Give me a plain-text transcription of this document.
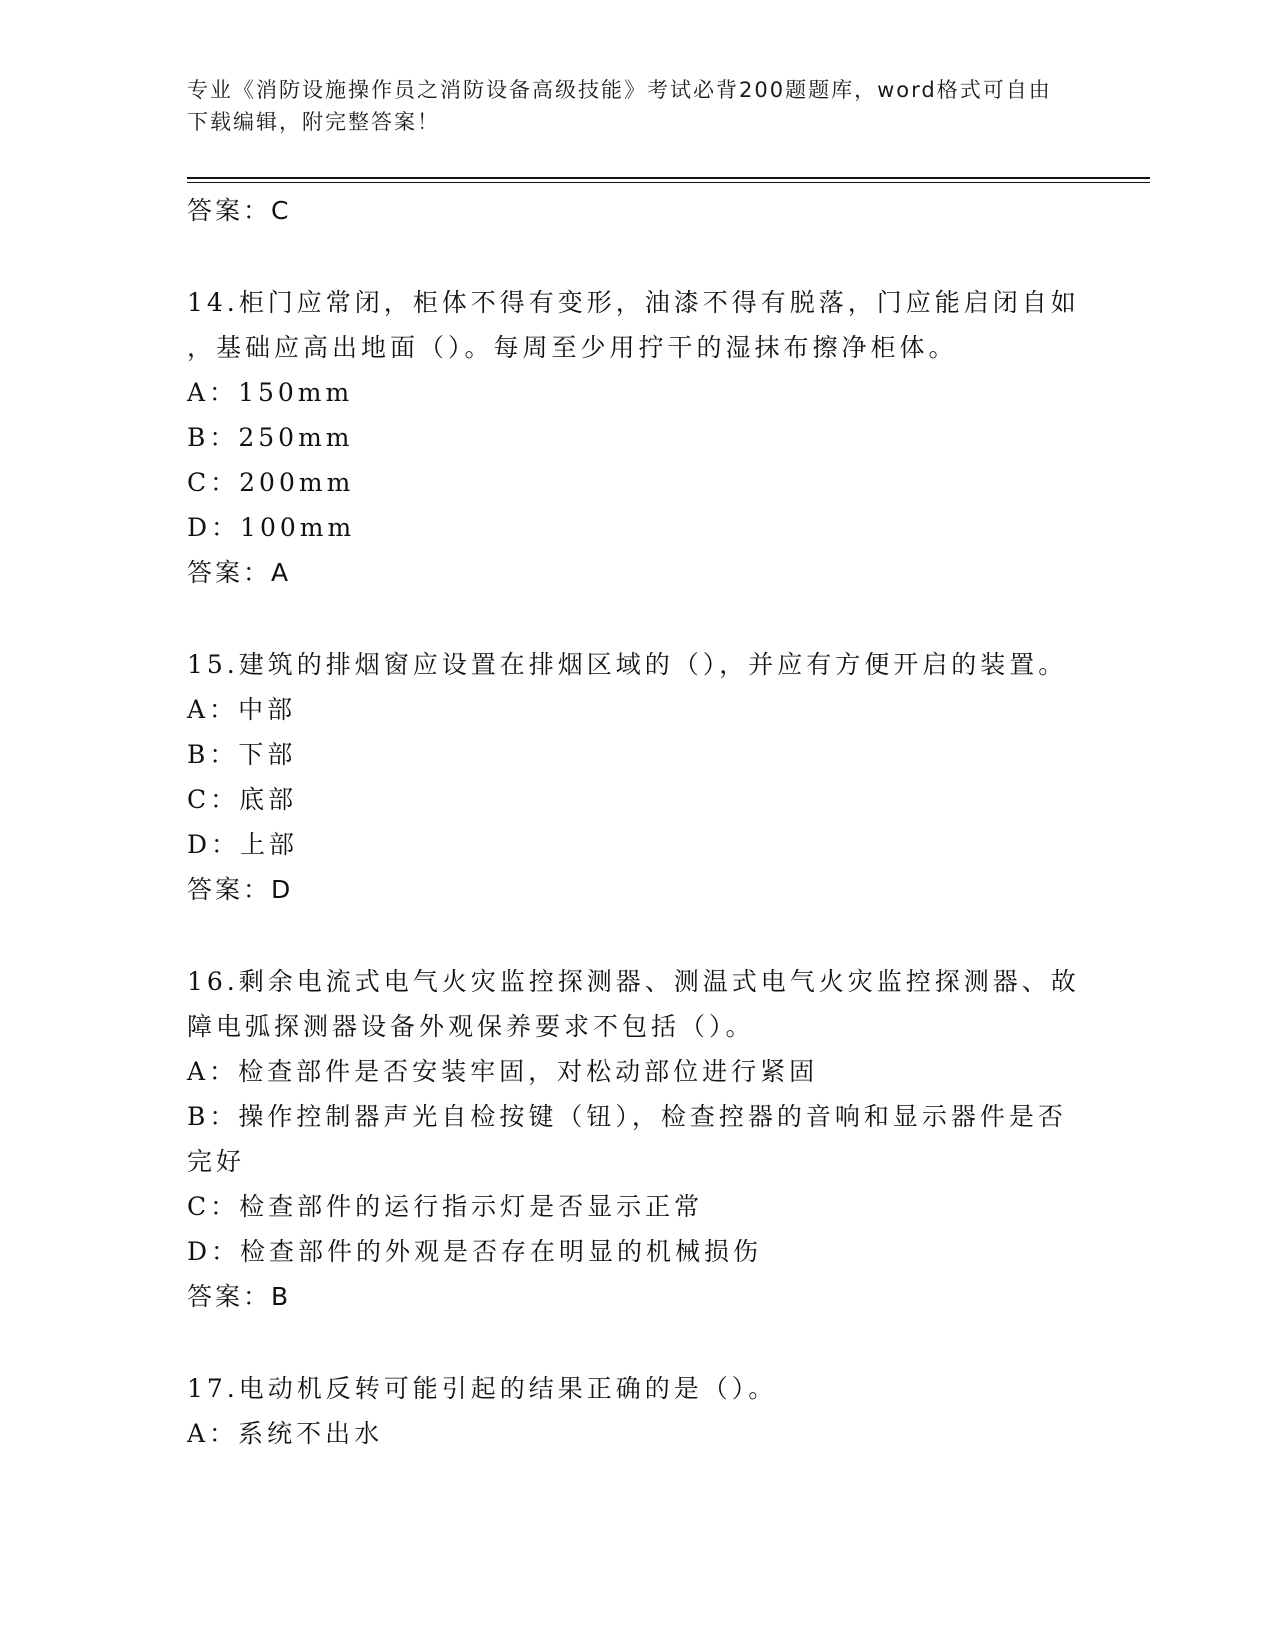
专业《消防设施操作员之消防设备高级技能》考试必背200题题库，word格式可自由下载编辑，附完整答案！
答案：C
14.柜门应常闭，柜体不得有变形，油漆不得有脱落，门应能启闭自如
，基础应高出地面（）。每周至少用拧干的湿抹布擦净柜体。
A： 150mm
B： 250mm
C： 200mm
D： 100mm
答案：A
15.建筑的排烟窗应设置在排烟区域的（），并应有方便开启的装置。
A： 中部
B： 下部
C： 底部
D： 上部
答案：D
16.剩余电流式电气火灾监控探测器、测温式电气火灾监控探测器、故
障电弧探测器设备外观保养要求不包括（）。
A： 检查部件是否安装牢固，对松动部位进行紧固
B： 操作控制器声光自检按键（钮），检查控器的音响和显示器件是否
完好
C： 检查部件的运行指示灯是否显示正常
D： 检查部件的外观是否存在明显的机械损伤
答案：B
17.电动机反转可能引起的结果正确的是（）。
A： 系统不出水
